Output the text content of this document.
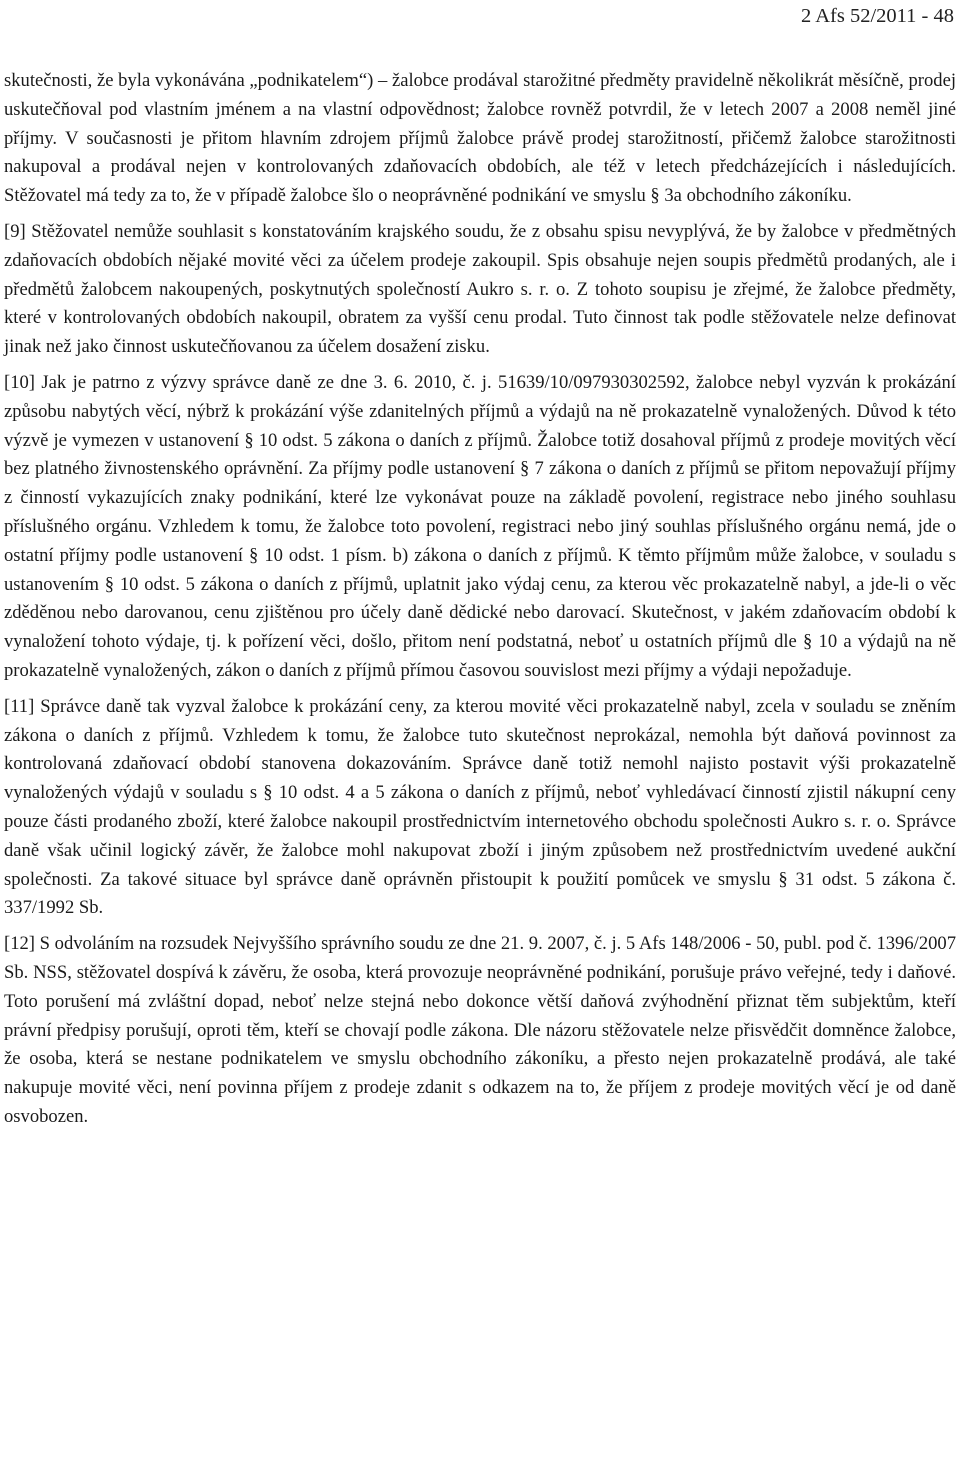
2 Afs 52/2011 - 48

skutečnosti, že byla vykonávána „podnikatelem“) – žalobce prodával starožitné předměty pravidelně několikrát měsíčně, prodej uskutečňoval pod vlastním jménem a na vlastní odpovědnost; žalobce rovněž potvrdil, že v letech 2007 a 2008 neměl jiné příjmy. V současnosti je přitom hlavním zdrojem příjmů žalobce právě prodej starožitností, přičemž žalobce starožitnosti nakupoval a prodával nejen v kontrolovaných zdaňovacích obdobích, ale též v letech předcházejících i následujících. Stěžovatel má tedy za to, že v případě žalobce šlo o neoprávněné podnikání ve smyslu § 3a obchodního zákoníku.

[9] Stěžovatel nemůže souhlasit s konstatováním krajského soudu, že z obsahu spisu nevyplývá, že by žalobce v předmětných zdaňovacích obdobích nějaké movité věci za účelem prodeje zakoupil. Spis obsahuje nejen soupis předmětů prodaných, ale i předmětů žalobcem nakoupených, poskytnutých společností Aukro s. r. o. Z tohoto soupisu je zřejmé, že žalobce předměty, které v kontrolovaných obdobích nakoupil, obratem za vyšší cenu prodal. Tuto činnost tak podle stěžovatele nelze definovat jinak než jako činnost uskutečňovanou za účelem dosažení zisku.

[10] Jak je patrno z výzvy správce daně ze dne 3. 6. 2010, č. j. 51639/10/097930302592, žalobce nebyl vyzván k prokázání způsobu nabytých věcí, nýbrž k prokázání výše zdanitelných příjmů a výdajů na ně prokazatelně vynaložených. Důvod k této výzvě je vymezen v ustanovení § 10 odst. 5 zákona o daních z příjmů. Žalobce totiž dosahoval příjmů z prodeje movitých věcí bez platného živnostenského oprávnění. Za příjmy podle ustanovení § 7 zákona o daních z příjmů se přitom nepovažují příjmy z činností vykazujících znaky podnikání, které lze vykonávat pouze na základě povolení, registrace nebo jiného souhlasu příslušného orgánu. Vzhledem k tomu, že žalobce toto povolení, registraci nebo jiný souhlas příslušného orgánu nemá, jde o ostatní příjmy podle ustanovení § 10 odst. 1 písm. b) zákona o daních z příjmů. K těmto příjmům může žalobce, v souladu s ustanovením § 10 odst. 5 zákona o daních z příjmů, uplatnit jako výdaj cenu, za kterou věc prokazatelně nabyl, a jde-li o věc zděděnou nebo darovanou, cenu zjištěnou pro účely daně dědické nebo darovací. Skutečnost, v jakém zdaňovacím období k vynaložení tohoto výdaje, tj. k pořízení věci, došlo, přitom není podstatná, neboť u ostatních příjmů dle § 10 a výdajů na ně prokazatelně vynaložených, zákon o daních z příjmů přímou časovou souvislost mezi příjmy a výdaji nepožaduje.

[11] Správce daně tak vyzval žalobce k prokázání ceny, za kterou movité věci prokazatelně nabyl, zcela v souladu se zněním zákona o daních z příjmů. Vzhledem k tomu, že žalobce tuto skutečnost neprokázal, nemohla být daňová povinnost za kontrolovaná zdaňovací období stanovena dokazováním. Správce daně totiž nemohl najisto postavit výši prokazatelně vynaložených výdajů v souladu s § 10 odst. 4 a 5 zákona o daních z příjmů, neboť vyhledávací činností zjistil nákupní ceny pouze části prodaného zboží, které žalobce nakoupil prostřednictvím internetového obchodu společnosti Aukro s. r. o. Správce daně však učinil logický závěr, že žalobce mohl nakupovat zboží i jiným způsobem než prostřednictvím uvedené aukční společnosti. Za takové situace byl správce daně oprávněn přistoupit k použití pomůcek ve smyslu § 31 odst. 5 zákona č. 337/1992 Sb.

[12] S odvoláním na rozsudek Nejvyššího správního soudu ze dne 21. 9. 2007, č. j. 5 Afs 148/2006 - 50, publ. pod č. 1396/2007 Sb. NSS, stěžovatel dospívá k závěru, že osoba, která provozuje neoprávněné podnikání, porušuje právo veřejné, tedy i daňové. Toto porušení má zvláštní dopad, neboť nelze stejná nebo dokonce větší daňová zvýhodnění přiznat těm subjektům, kteří právní předpisy porušují, oproti těm, kteří se chovají podle zákona. Dle názoru stěžovatele nelze přisvědčit domněnce žalobce, že osoba, která se nestane podnikatelem ve smyslu obchodního zákoníku, a přesto nejen prokazatelně prodává, ale také nakupuje movité věci, není povinna příjem z prodeje zdanit s odkazem na to, že příjem z prodeje movitých věcí je od daně osvobozen.
